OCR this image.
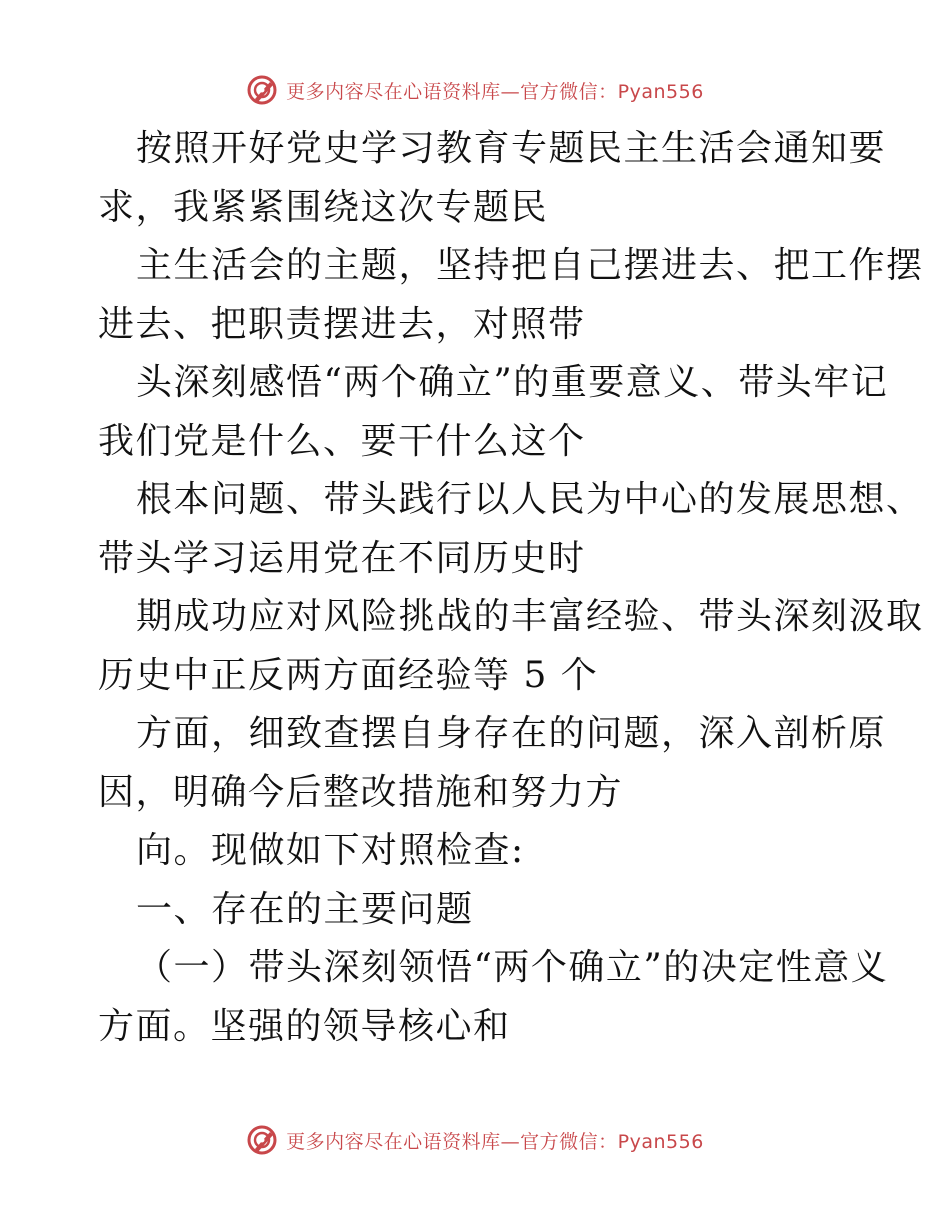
更多内容尽在心语资料库—官方微信：Pyan556
按照开好党史学习教育专题民主生活会通知要
求，我紧紧围绕这次专题民
主生活会的主题，坚持把自己摆进去、把工作摆
进去、把职责摆进去，对照带
头深刻感悟“两个确立”的重要意义、带头牢记
我们党是什么、要干什么这个
根本问题、带头践行以人民为中心的发展思想、
带头学习运用党在不同历史时
期成功应对风险挑战的丰富经验、带头深刻汲取
历史中正反两方面经验等 5 个
方面，细致查摆自身存在的问题，深入剖析原
因，明确今后整改措施和努力方
向。现做如下对照检查:
一、存在的主要问题
（一）带头深刻领悟“两个确立”的决定性意义
方面。坚强的领导核心和
更多内容尽在心语资料库—官方微信：Pyan556
